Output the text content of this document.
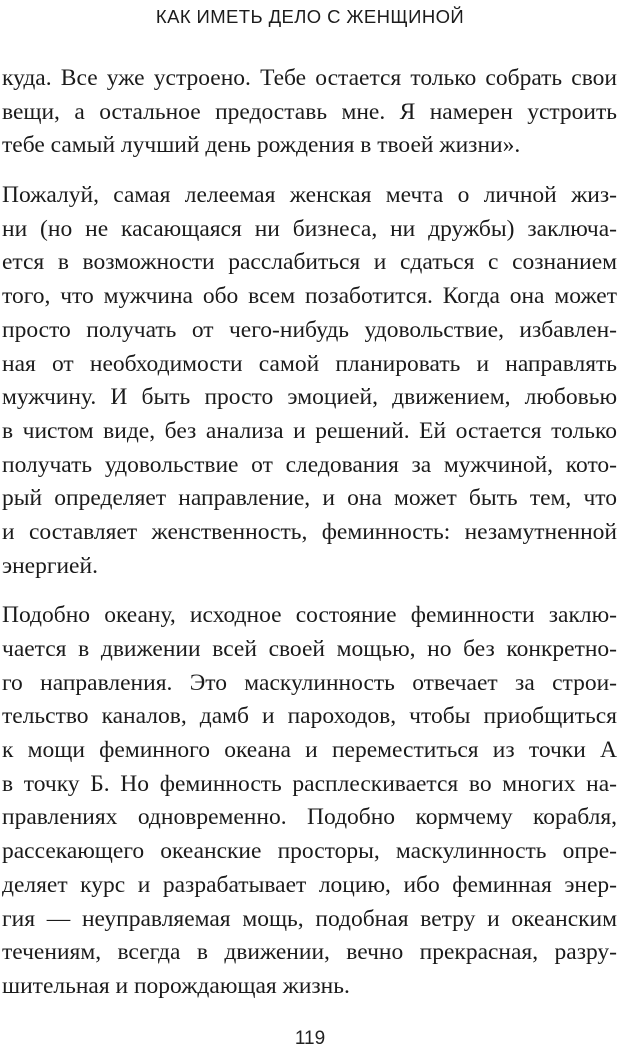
КАК ИМЕТЬ ДЕЛО С ЖЕНЩИНОЙ
куда. Все уже устроено. Тебе остается только собрать свои
вещи, а остальное предоставь мне. Я намерен устроить
тебе самый лучший день рождения в твоей жизни».
Пожалуй, самая лелеемая женская мечта о личной жиз-
ни (но не касающаяся ни бизнеса, ни дружбы) заключа-
ется в возможности расслабиться и сдаться с сознанием
того, что мужчина обо всем позаботится. Когда она может
просто получать от чего-нибудь удовольствие, избавлен-
ная от необходимости самой планировать и направлять
мужчину. И быть просто эмоцией, движением, любовью
в чистом виде, без анализа и решений. Ей остается только
получать удовольствие от следования за мужчиной, кото-
рый определяет направление, и она может быть тем, что
и составляет женственность, феминность: незамутненной
энергией.
Подобно океану, исходное состояние феминности заклю-
чается в движении всей своей мощью, но без конкретно-
го направления. Это маскулинность отвечает за строи-
тельство каналов, дамб и пароходов, чтобы приобщиться
к мощи феминного океана и переместиться из точки А
в точку Б. Но феминность расплескивается во многих на-
правлениях одновременно. Подобно кормчему корабля,
рассекающего океанские просторы, маскулинность опре-
деляет курс и разрабатывает лоцию, ибо феминная энер-
гия — неуправляемая мощь, подобная ветру и океанским
течениям, всегда в движении, вечно прекрасная, разру-
шительная и порождающая жизнь.
119
